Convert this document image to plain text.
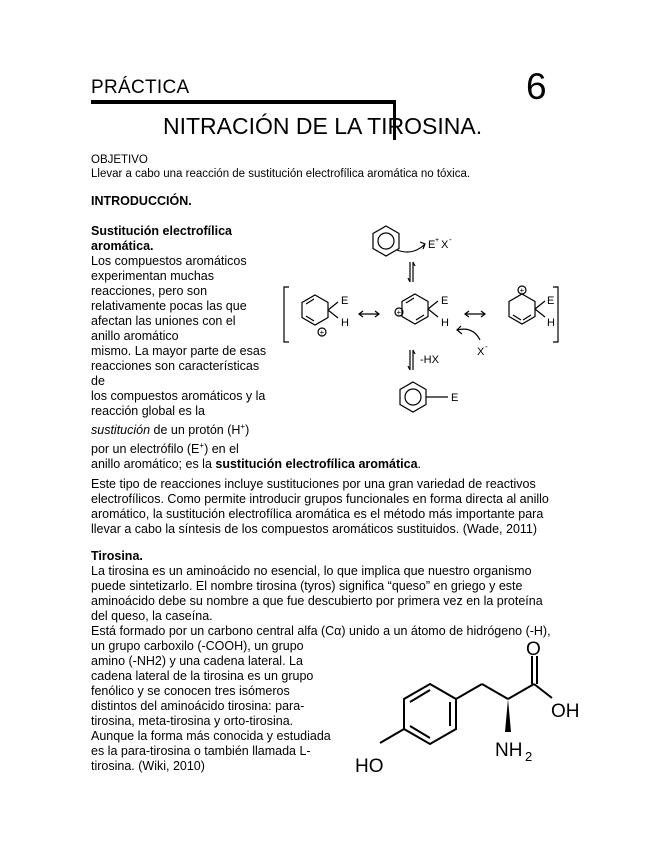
PRÁCTICA	6
NITRACIÓN DE LA TIROSINA.
OBJETIVO
Llevar a cabo una reacción de sustitución electrofílica aromática no tóxica.
INTRODUCCIÓN.
Sustitución electrofílica
aromática.
Los compuestos aromáticos
experimentan muchas
reacciones, pero son
relativamente pocas las que
afectan las uniones con el
anillo aromático
mismo. La mayor parte de esas
reacciones son características
de
los compuestos aromáticos y la
reacción global es la
sustitución de un protón (H+)
por un electrófilo (E+) en el
anillo aromático; es la sustitución electrofílica aromática.
E + X -
E
H
+
E
H
+
E
H
+
X -
-HX
E
Este tipo de reacciones incluye sustituciones por una gran variedad de reactivos
electrofílicos. Como permite introducir grupos funcionales en forma directa al anillo
aromático, la sustitución electrofílica aromática es el método más importante para
llevar a cabo la síntesis de los compuestos aromáticos sustituidos. (Wade, 2011)
Tirosina.
La tirosina es un aminoácido no esencial, lo que implica que nuestro organismo
puede sintetizarlo. El nombre tirosina (tyros) significa “queso” en griego y este
aminoácido debe su nombre a que fue descubierto por primera vez en la proteína
del queso, la caseína.
Está formado por un carbono central alfa (Cα) unido a un átomo de hidrógeno (-H),
un grupo carboxilo (-COOH), un grupo
amino (-NH2) y una cadena lateral. La
cadena lateral de la tirosina es un grupo
fenólico y se conocen tres isómeros
distintos del aminoácido tirosina: para-
tirosina, meta-tirosina y orto-tirosina.
Aunque la forma más conocida y estudiada
es la para-tirosina o también llamada L-
tirosina. (Wiki, 2010)
O
OH
NH 2
HO
